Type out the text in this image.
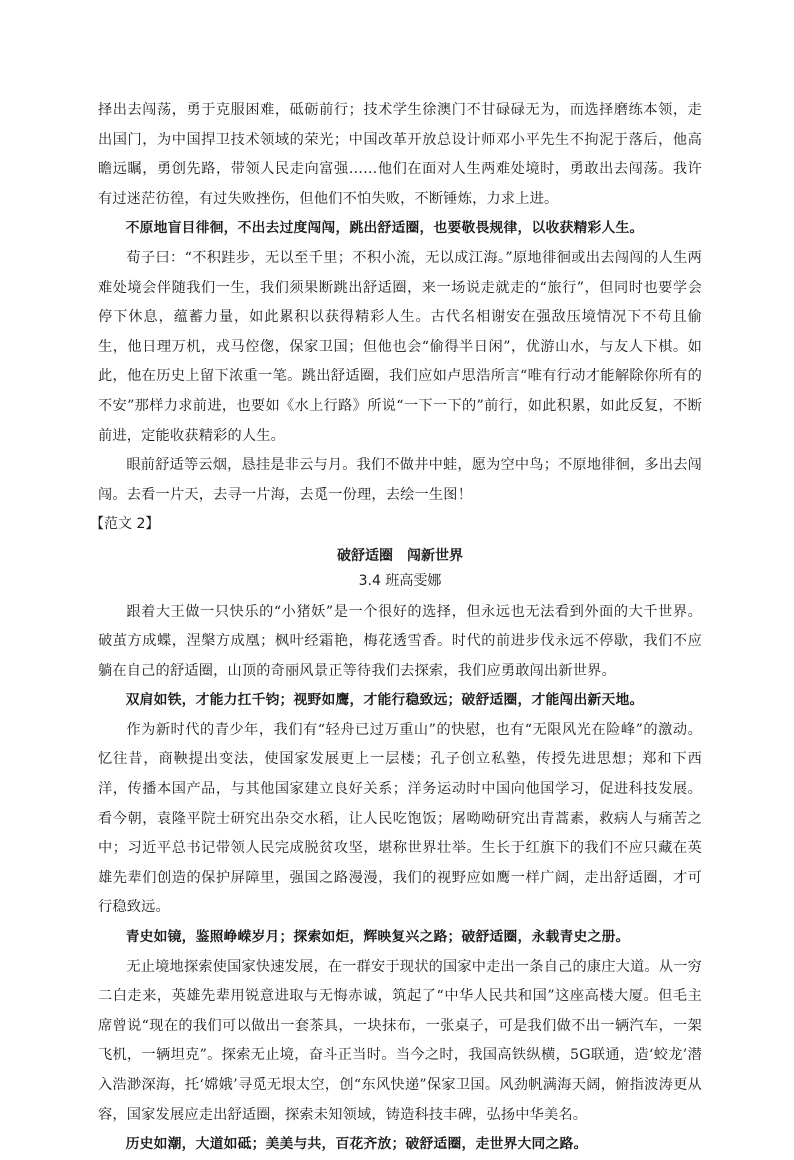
择出去闯荡，勇于克服困难，砥砺前行；技术学生徐澳门不甘碌碌无为，而选择磨练本领，走出国门，为中国捍卫技术领域的荣光；中国改革开放总设计师邓小平先生不拘泥于落后，他高瞻远瞩，勇创先路，带领人民走向富强……他们在面对人生两难处境时，勇敢出去闯荡。我许有过迷茫彷徨，有过失败挫伤，但他们不怕失败，不断锤炼，力求上进。

不原地盲目徘徊，不出去过度闯闯，跳出舒适圈，也要敬畏规律，以收获精彩人生。

荀子曰：“不积跬步，无以至千里；不积小流，无以成江海。”原地徘徊或出去闯闯的人生两难处境会伴随我们一生，我们须果断跳出舒适圈，来一场说走就走的“旅行”，但同时也要学会停下休息，蕴蓄力量，如此累积以获得精彩人生。古代名相谢安在强敌压境情况下不苟且偷生，他日理万机，戎马倥偬，保家卫国；但他也会“偷得半日闲”，优游山水，与友人下棋。如此，他在历史上留下浓重一笔。跳出舒适圈，我们应如卢思浩所言“唯有行动才能解除你所有的不安”那样力求前进，也要如《水上行路》所说“一下一下的”前行，如此积累，如此反复，不断前进，定能收获精彩的人生。

眼前舒适等云烟，恳挂是非云与月。我们不做井中蛙，愿为空中鸟；不原地徘徊，多出去闯闯。去看一片天，去寻一片海，去觅一份理，去绘一生图！

【范文 2】

破舒适圈　闯新世界

3.4 班高雯娜

跟着大王做一只快乐的“小猪妖”是一个很好的选择，但永远也无法看到外面的大千世界。破茧方成蝶，涅槃方成凰；枫叶经霜艳，梅花透雪香。时代的前进步伐永远不停歇，我们不应躺在自己的舒适圈，山顶的奇丽风景正等待我们去探索，我们应勇敢闯出新世界。

双肩如铁，才能力扛千钧；视野如鹰，才能行稳致远；破舒适圈，才能闯出新天地。

作为新时代的青少年，我们有“轻舟已过万重山”的快慰，也有“无限风光在险峰”的激动。忆往昔，商鞅提出变法，使国家发展更上一层楼；孔子创立私塾，传授先进思想；郑和下西洋，传播本国产品，与其他国家建立良好关系；洋务运动时中国向他国学习，促进科技发展。看今朝，袁隆平院士研究出杂交水稻，让人民吃饱饭；屠呦呦研究出青蒿素，救病人与痛苦之中；习近平总书记带领人民完成脱贫攻坚，堪称世界壮举。生长于红旗下的我们不应只藏在英雄先辈们创造的保护屏障里，强国之路漫漫，我们的视野应如鹰一样广阔，走出舒适圈，才可行稳致远。

青史如镜，鉴照峥嵘岁月；探索如炬，辉映复兴之路；破舒适圈，永载青史之册。

无止境地探索使国家快速发展，在一群安于现状的国家中走出一条自己的康庄大道。从一穷二白走来，英雄先辈用锐意进取与无悔赤诚，筑起了“中华人民共和国”这座高楼大厦。但毛主席曾说“现在的我们可以做出一套茶具，一块抹布，一张桌子，可是我们做不出一辆汽车，一架飞机，一辆坦克”。探索无止境，奋斗正当时。当今之时，我国高铁纵横，5G联通，造‘蛟龙’潜入浩渺深海，托‘嫦娥’寻觅无垠太空，创“东风快递”保家卫国。风劲帆满海天阔，俯指波涛更从容，国家发展应走出舒适圈，探索未知领域，铸造科技丰碑，弘扬中华美名。

历史如潮，大道如砥；美美与共，百花齐放；破舒适圈，走世界大同之路。
